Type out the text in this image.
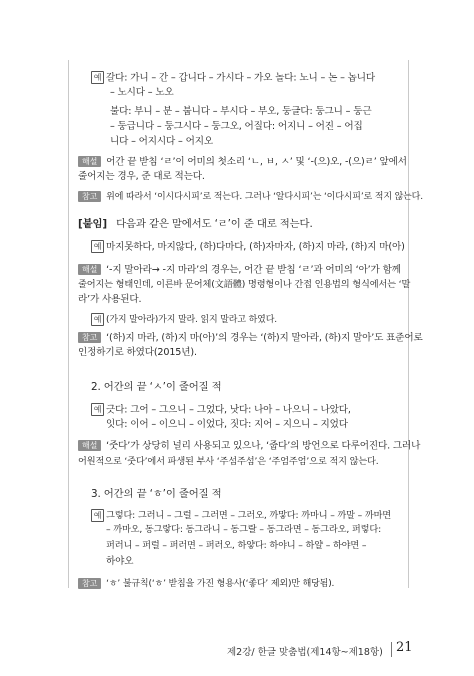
예 갈다: 가니 – 간 – 갑니다 – 가시다 – 가오 놀다: 노니 – 논 – 놉니다
– 노시다 – 노오
불다: 부니 – 분 – 붑니다 – 부시다 – 부오, 둥글다: 둥그니 – 둥근
– 둥급니다 – 둥그시다 – 둥그오, 어질다: 어지니 – 어진 – 어집
니다 – 어지시다 – 어지오
해설 어간 끝 받침 ‘ㄹ’이 어미의 첫소리 ‘ㄴ, ㅂ, ㅅ’ 및 ‘-(으)오, -(으)ㄹ’ 앞에서
줄어지는 경우, 준 대로 적는다.
참고 위에 따라서 ‘이시다시피’로 적는다. 그러나 ‘알다시피’는 ‘이다시피’로 적지 않는다.
[붙임] 다음과 같은 말에서도 ‘ㄹ’이 준 대로 적는다.
예 마지못하다, 마지않다, (하)다마다, (하)자마자, (하)지 마라, (하)지 마(아)
해설 ‘-지 말아라→ -지 마라’의 경우는, 어간 끝 받침 ‘ㄹ’과 어미의 ‘아’가 함께
줄어지는 형태인데, 이른바 문어체(文語體) 명령형이나 간접 인용법의 형식에서는 ‘말
라’가 사용된다.
예 (가지 말아라)가지 말라. 읽지 말라고 하였다.
참고 ‘(하)지 마라, (하)지 마(아)’의 경우는 ‘(하)지 말아라, (하)지 말아’도 표준어로
인정하기로 하였다(2015년).
2. 어간의 끝 ‘ㅅ’이 줄어질 적
예 긋다: 그어 – 그으니 – 그었다, 낫다: 나아 – 나으니 – 나았다,
잇다: 이어 – 이으니 – 이었다, 짓다: 지어 – 지으니 – 지었다
해설 ‘줏다’가 상당히 널리 사용되고 있으나, ‘줍다’의 방언으로 다루어진다. 그러나
어원적으로 ‘줏다’에서 파생된 부사 ‘주섬주섬’은 ‘주엄주엄’으로 적지 않는다.
3. 어간의 끝 ‘ㅎ’이 줄어질 적
예 그렇다: 그러니 – 그럴 – 그러면 – 그러오, 까맣다: 까마니 – 까말 – 까마면
– 까마오, 동그랗다: 동그라니 – 동그랄 – 동그라면 – 동그라오, 퍼렇다:
퍼러니 – 퍼럴 – 퍼러면 – 퍼러오, 하얗다: 하야니 – 하얄 – 하야면 –
하야오
참고 ‘ㅎ’ 불규칙(‘ㅎ’ 받침을 가진 형용사(‘좋다’ 제외)만 해당됨).
제2강/ 한글 맞춤법(제14항~제18항) 21
